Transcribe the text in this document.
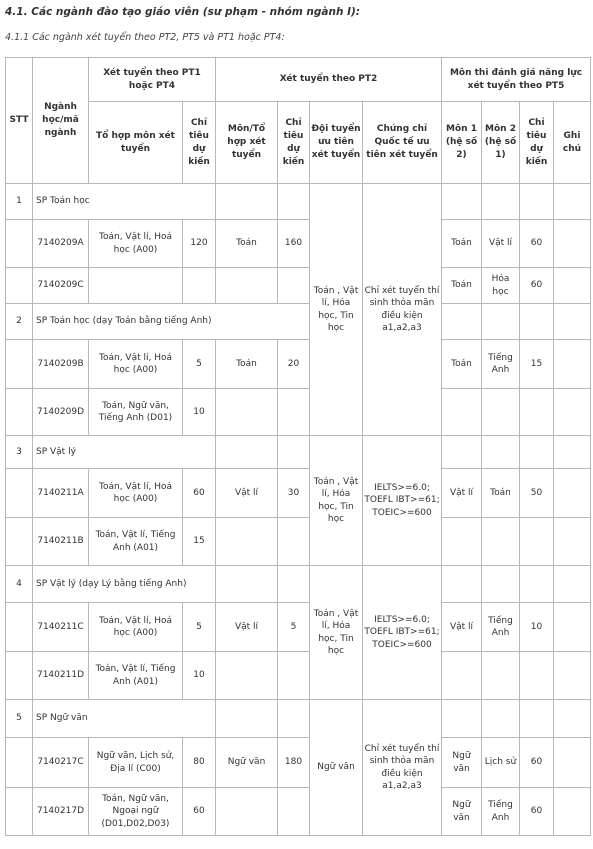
4.1. Các ngành đào tạo giáo viên (sư phạm - nhóm ngành I):
4.1.1 Các ngành xét tuyển theo PT2, PT5 và PT1 hoặc PT4:
STT	Ngành học/mã ngành	Xét tuyển theo PT1 hoặc PT4		Xét tuyển theo PT2				Môn thi đánh giá năng lực xét tuyển theo PT5			
		Tổ hợp môn xét tuyển	Chỉ tiêu dự kiến	Môn/Tổ hợp xét tuyển	Chỉ tiêu dự kiến	Đội tuyển ưu tiên xét tuyển	Chứng chỉ Quốc tế ưu tiên xét tuyển	Môn 1 (hệ số 2)	Môn 2 (hệ số 1)	Chỉ tiêu dự kiến	Ghi chú
1	SP Toán học					Toán , Vật lí, Hóa học, Tin học	Chỉ xét tuyển thí sinh thỏa mãn điều kiện a1,a2,a3				
	7140209A	Toán, Vật lí, Hoá học (A00)	120	Toán	160			Toán	Vật lí	60	
	7140209C							Toán	Hóa học	60	
2	SP Toán học (dạy Toán bằng tiếng Anh)										
	7140209B	Toán, Vật lí, Hoá học (A00)	5	Toán	20			Toán	Tiếng Anh	15	
	7140209D	Toán, Ngữ văn, Tiếng Anh (D01)	10								
3	SP Vật lý					Toán , Vật lí, Hóa học, Tin học	IELTS>=6.0; TOEFL IBT>=61; TOEIC>=600				
	7140211A	Toán, Vật lí, Hoá học (A00)	60	Vật lí	30			Vật lí	Toán	50	
	7140211B	Toán, Vật lí, Tiếng Anh (A01)	15								
4	SP Vật lý (dạy Lý bằng tiếng Anh)					Toán , Vật lí, Hóa học, Tin học	IELTS>=6.0; TOEFL IBT>=61; TOEIC>=600				
	7140211C	Toán, Vật lí, Hoá học (A00)	5	Vật lí	5			Vật lí	Tiếng Anh	10	
	7140211D	Toán, Vật lí, Tiếng Anh (A01)	10								
5	SP Ngữ văn					Ngữ văn	Chỉ xét tuyển thí sinh thỏa mãn điều kiện a1,a2,a3				
	7140217C	Ngữ văn, Lịch sử, Địa lí (C00)	80	Ngữ văn	180			Ngữ văn	Lịch sử	60	
	7140217D	Toán, Ngữ văn, Ngoại ngữ (D01,D02,D03)	60					Ngữ văn	Tiếng Anh	60	
